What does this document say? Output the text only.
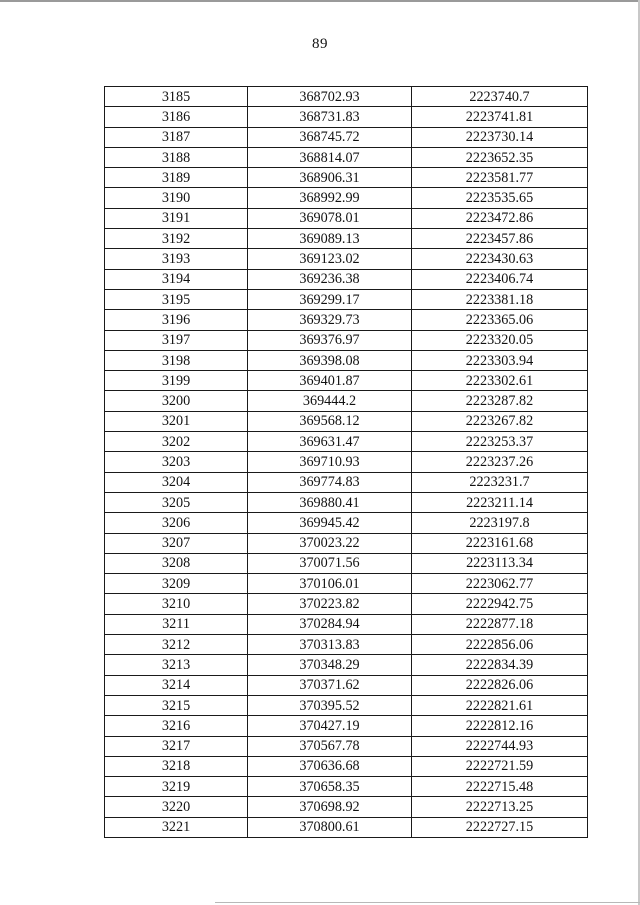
89
3185	368702.93	2223740.7
3186	368731.83	2223741.81
3187	368745.72	2223730.14
3188	368814.07	2223652.35
3189	368906.31	2223581.77
3190	368992.99	2223535.65
3191	369078.01	2223472.86
3192	369089.13	2223457.86
3193	369123.02	2223430.63
3194	369236.38	2223406.74
3195	369299.17	2223381.18
3196	369329.73	2223365.06
3197	369376.97	2223320.05
3198	369398.08	2223303.94
3199	369401.87	2223302.61
3200	369444.2	2223287.82
3201	369568.12	2223267.82
3202	369631.47	2223253.37
3203	369710.93	2223237.26
3204	369774.83	2223231.7
3205	369880.41	2223211.14
3206	369945.42	2223197.8
3207	370023.22	2223161.68
3208	370071.56	2223113.34
3209	370106.01	2223062.77
3210	370223.82	2222942.75
3211	370284.94	2222877.18
3212	370313.83	2222856.06
3213	370348.29	2222834.39
3214	370371.62	2222826.06
3215	370395.52	2222821.61
3216	370427.19	2222812.16
3217	370567.78	2222744.93
3218	370636.68	2222721.59
3219	370658.35	2222715.48
3220	370698.92	2222713.25
3221	370800.61	2222727.15
